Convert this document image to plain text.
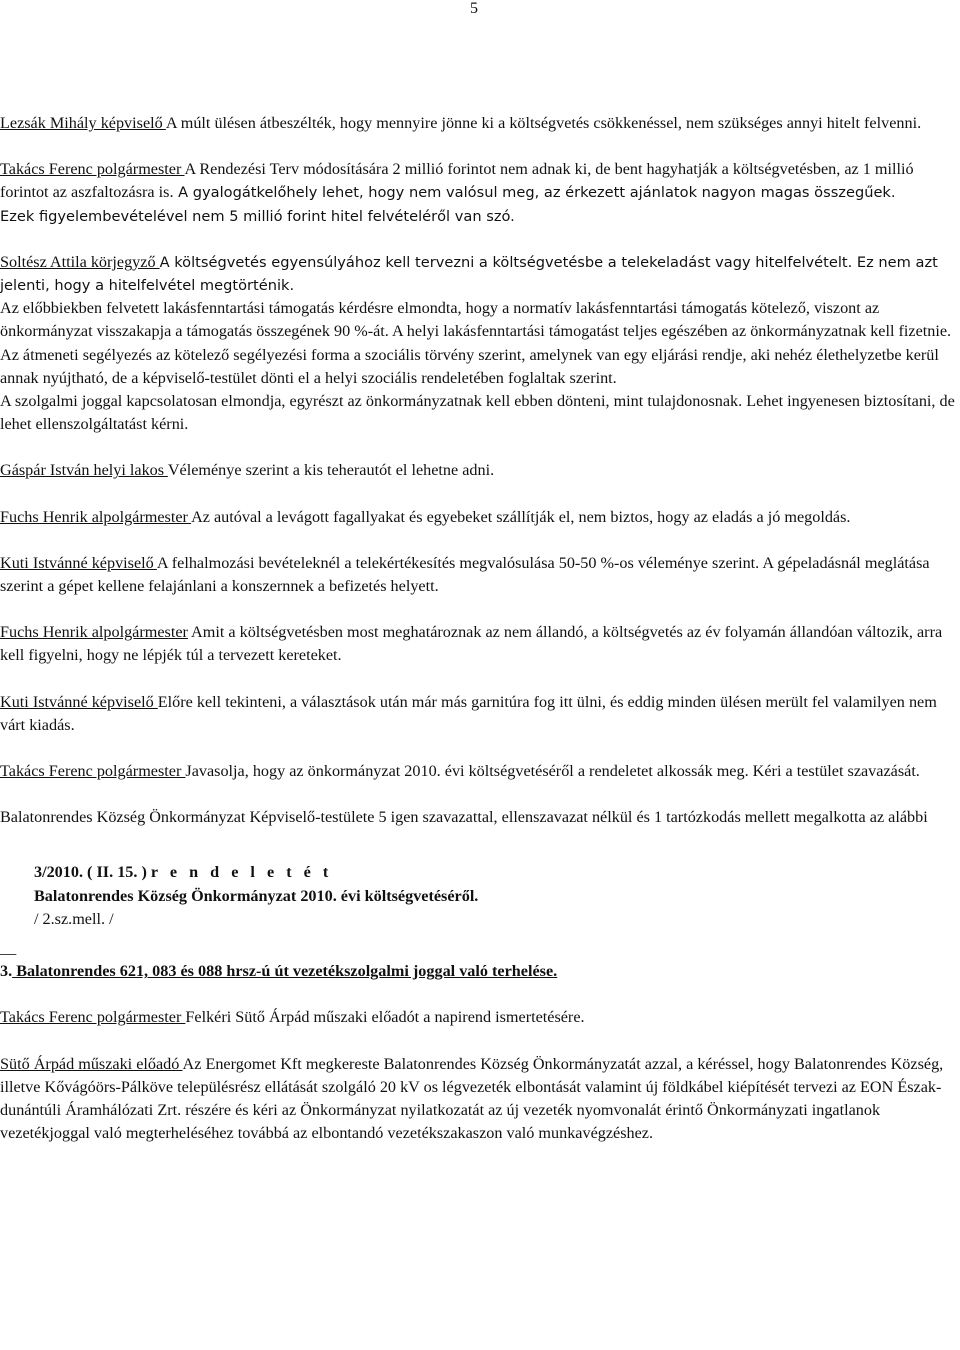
5

Lezsák Mihály képviselő A múlt ülésen átbeszélték, hogy mennyire jönne ki a költségvetés csökkenéssel, nem szükséges annyi hitelt felvenni.

Takács Ferenc polgármester A Rendezési Terv módosítására 2 millió forintot nem adnak ki, de bent hagyhatják a költségvetésben, az 1 millió forintot az aszfaltozásra is. A gyalogátkelőhely lehet, hogy nem valósul meg, az érkezett ajánlatok nagyon magas összegűek.

Ezek figyelembevételével nem 5 millió forint hitel felvételéről van szó.

Soltész Attila körjegyző A költségvetés egyensúlyához kell tervezni a költségvetésbe a telekeladást vagy hitelfelvételt. Ez nem azt jelenti, hogy a hitelfelvétel megtörténik.

Az előbbiekben felvetett lakásfenntartási támogatás kérdésre elmondta, hogy a normatív lakásfenntartási támogatás kötelező, viszont az önkormányzat visszakapja a támogatás összegének 90 %-át. A helyi lakásfenntartási támogatást teljes egészében az önkormányzatnak kell fizetnie. Az átmeneti segélyezés az kötelező segélyezési forma a szociális törvény szerint, amelynek van egy eljárási rendje, aki nehéz élethelyzetbe kerül annak nyújtható, de a képviselő-testület dönti el a helyi szociális rendeletében foglaltak szerint.

A szolgalmi joggal kapcsolatosan elmondja, egyrészt az önkormányzatnak kell ebben dönteni, mint tulajdonosnak. Lehet ingyenesen biztosítani, de lehet ellenszolgáltatást kérni.

Gáspár István helyi lakos Véleménye szerint a kis teherautót el lehetne adni.

Fuchs Henrik alpolgármester Az autóval a levágott fagallyakat és egyebeket szállítják el, nem biztos, hogy az eladás a jó megoldás.

Kuti Istvánné képviselő A felhalmozási bevételeknél a telekértékesítés megvalósulása 50-50 %-os véleménye szerint. A gépeladásnál meglátása szerint a gépet kellene felajánlani a konszernnek a befizetés helyett.

Fuchs Henrik alpolgármester Amit a költségvetésben most meghatároznak az nem állandó, a költségvetés az év folyamán állandóan változik, arra kell figyelni, hogy ne lépjék túl a tervezett kereteket.

Kuti Istvánné képviselő Előre kell tekinteni, a választások után már más garnitúra fog itt ülni, és eddig minden ülésen merült fel valamilyen nem várt kiadás.

Takács Ferenc polgármester Javasolja, hogy az önkormányzat 2010. évi költségvetéséről a rendeletet alkossák meg. Kéri a testület szavazását.

Balatonrendes Község Önkormányzat Képviselő-testülete 5 igen szavazattal, ellenszavazat nélkül és 1 tartózkodás mellett megalkotta az alábbi

3/2010. ( II. 15. ) r e n d e l e t é t

Balatonrendes Község Önkormányzat 2010. évi költségvetéséről.

/ 2.sz.mell. /

__

3. Balatonrendes 621, 083 és 088 hrsz-ú út vezetékszolgalmi joggal való terhelése.

Takács Ferenc polgármester Felkéri Sütő Árpád műszaki előadót a napirend ismertetésére.

Sütő Árpád műszaki előadó Az Energomet Kft megkereste Balatonrendes Község Önkormányzatát azzal, a kéréssel, hogy Balatonrendes Község, illetve Kővágóörs-Pálköve településrész ellátását szolgáló 20 kV os légvezeték elbontását valamint új földkábel kiépítését tervezi az EON Észak-dunántúli Áramhálózati Zrt. részére és kéri az Önkormányzat nyilatkozatát az új vezeték nyomvonalát érintő Önkormányzati ingatlanok vezetékjoggal való megterheléséhez továbbá az elbontandó vezetékszakaszon való munkavégzéshez.
